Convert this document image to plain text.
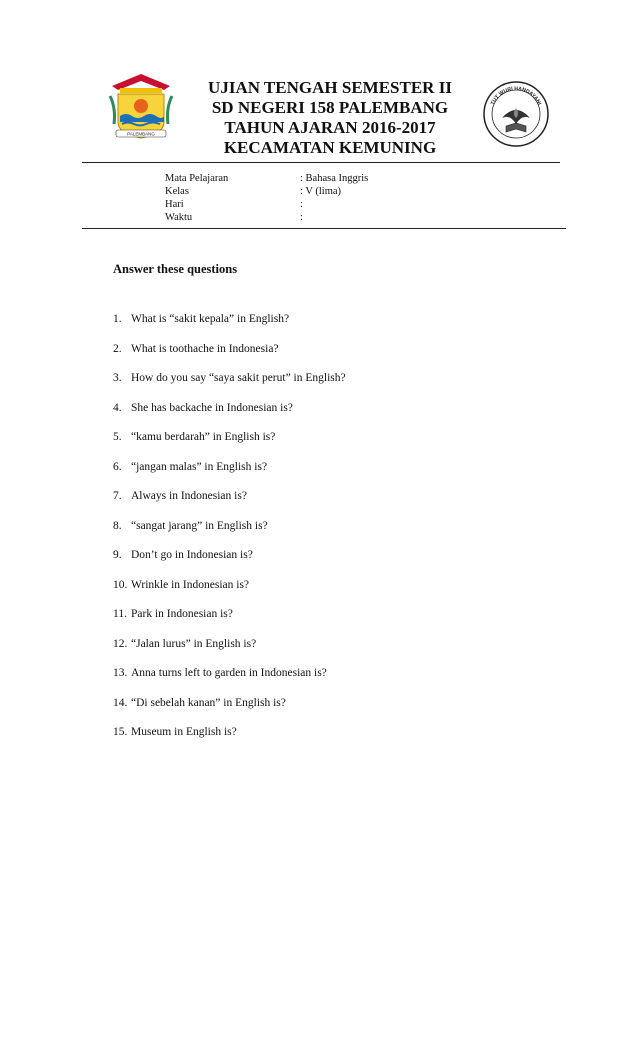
PALEMBANG
UJIAN TENGAH SEMESTER II
SD NEGERI 158 PALEMBANG
TAHUN AJARAN 2016-2017
KECAMATAN KEMUNING
TUT WURI HANDAYANI
Mata Pelajaran	: Bahasa Inggris
Kelas	: V (lima)
Hari	:
Waktu	:
Answer these questions
1. What is “sakit kepala” in English?
2. What is toothache in Indonesia?
3. How do you say “saya sakit perut” in English?
4. She has backache in Indonesian is?
5. “kamu berdarah” in English is?
6. “jangan malas” in English is?
7. Always in Indonesian is?
8. “sangat jarang” in English is?
9. Don’t go in Indonesian is?
10. Wrinkle in Indonesian is?
11. Park in Indonesian is?
12. “Jalan lurus” in English is?
13. Anna turns left to garden in Indonesian is?
14. “Di sebelah kanan” in English is?
15. Museum in English is?
